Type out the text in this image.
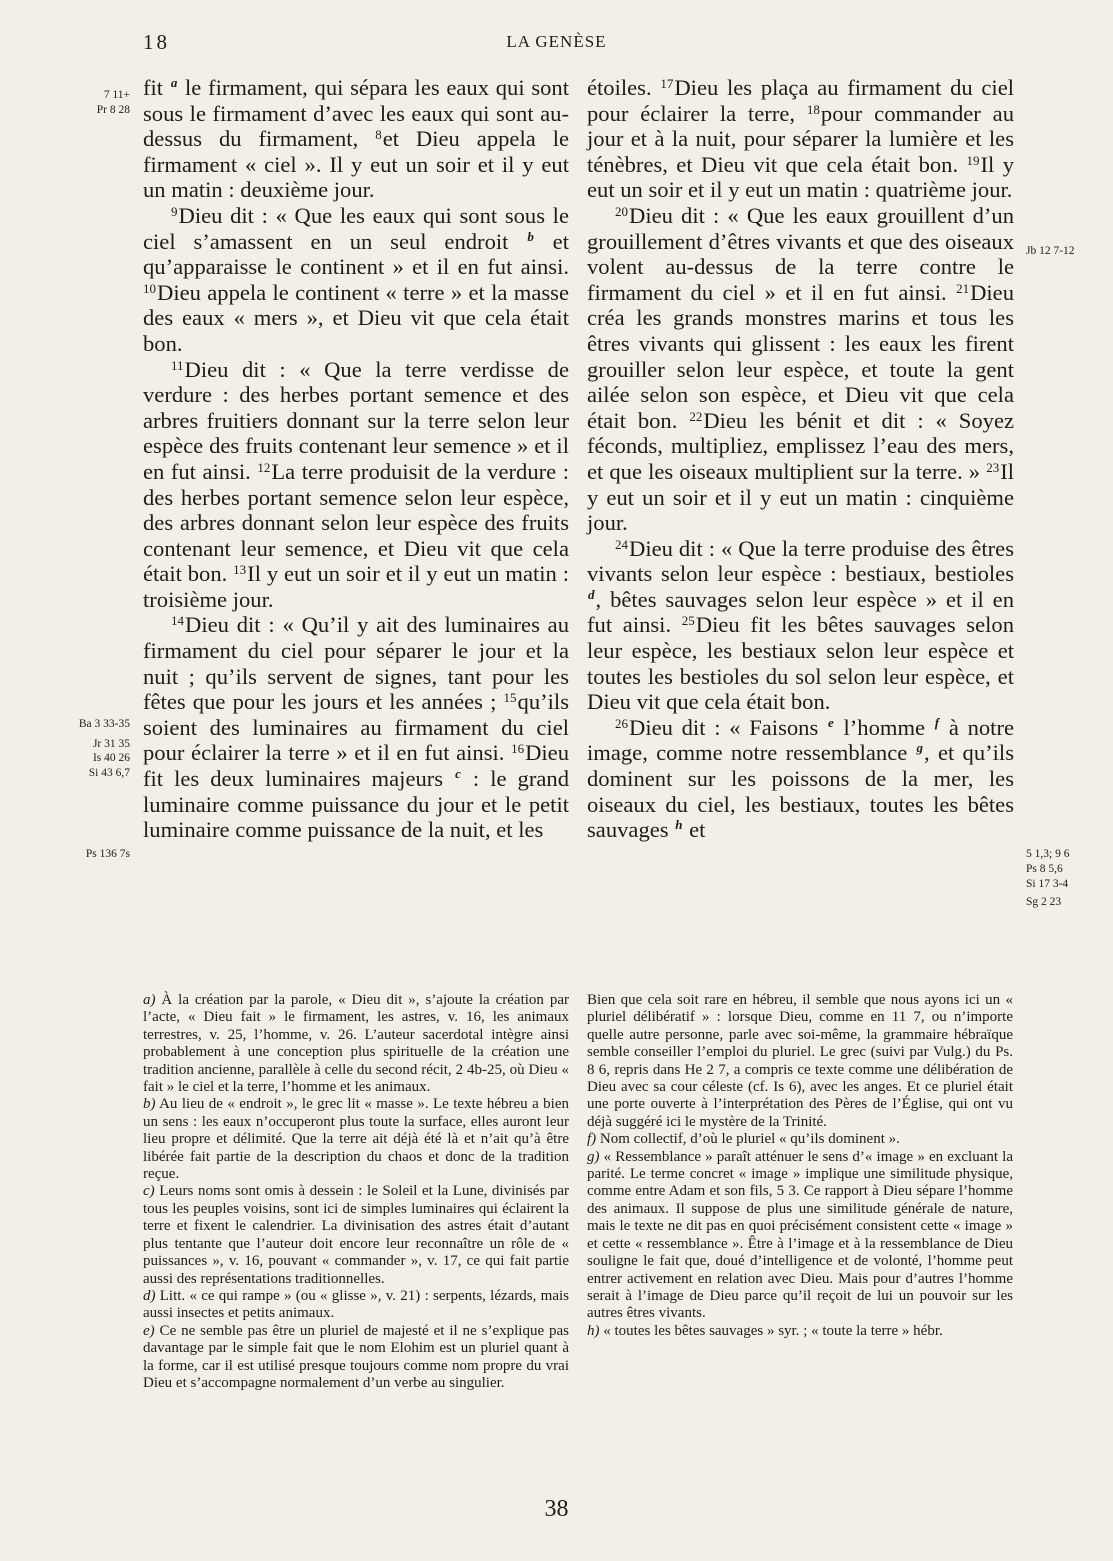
18	LA GENÈSE
7 11+
Pr 8 28
Ba 3 33-35
Jr 31 35
Is 40 26
Si 43 6,7
Ps 136 7s
Jb 12 7-12
5 1,3; 9 6
Ps 8 5,6
Si 17 3-4
Sg 2 23

fit $^a$ le firmament, qui sépara les eaux qui sont sous le firmament d’avec les eaux qui sont au-dessus du firmament, $^8$et Dieu appela le firmament « ciel ». Il y eut un soir et il y eut un matin : deuxième jour.

$^9$Dieu dit : « Que les eaux qui sont sous le ciel s’amassent en un seul endroit $^b$ et qu’apparaisse le continent » et il en fut ainsi. $^{10}$Dieu appela le continent « terre » et la masse des eaux « mers », et Dieu vit que cela était bon.

$^{11}$Dieu dit : « Que la terre verdisse de verdure : des herbes portant semence et des arbres fruitiers donnant sur la terre selon leur espèce des fruits contenant leur semence » et il en fut ainsi. $^{12}$La terre produisit de la verdure : des herbes portant semence selon leur espèce, des arbres donnant selon leur espèce des fruits contenant leur semence, et Dieu vit que cela était bon. $^{13}$Il y eut un soir et il y eut un matin : troisième jour.

$^{14}$Dieu dit : « Qu’il y ait des luminaires au firmament du ciel pour séparer le jour et la nuit ; qu’ils servent de signes, tant pour les fêtes que pour les jours et les années ; $^{15}$qu’ils soient des luminaires au firmament du ciel pour éclairer la terre » et il en fut ainsi. $^{16}$Dieu fit les deux luminaires majeurs $^c$ : le grand luminaire comme puissance du jour et le petit luminaire comme puissance de la nuit, et les

étoiles. $^{17}$Dieu les plaça au firmament du ciel pour éclairer la terre, $^{18}$pour commander au jour et à la nuit, pour séparer la lumière et les ténèbres, et Dieu vit que cela était bon. $^{19}$Il y eut un soir et il y eut un matin : quatrième jour.

$^{20}$Dieu dit : « Que les eaux grouillent d’un grouillement d’êtres vivants et que des oiseaux volent au-dessus de la terre contre le firmament du ciel » et il en fut ainsi. $^{21}$Dieu créa les grands monstres marins et tous les êtres vivants qui glissent : les eaux les firent grouiller selon leur espèce, et toute la gent ailée selon son espèce, et Dieu vit que cela était bon. $^{22}$Dieu les bénit et dit : « Soyez féconds, multipliez, emplissez l’eau des mers, et que les oiseaux multiplient sur la terre. » $^{23}$Il y eut un soir et il y eut un matin : cinquième jour.

$^{24}$Dieu dit : « Que la terre produise des êtres vivants selon leur espèce : bestiaux, bestioles $^d$, bêtes sauvages selon leur espèce » et il en fut ainsi. $^{25}$Dieu fit les bêtes sauvages selon leur espèce, les bestiaux selon leur espèce et toutes les bestioles du sol selon leur espèce, et Dieu vit que cela était bon.

$^{26}$Dieu dit : « Faisons $^e$ l’homme $^f$ à notre image, comme notre ressemblance $^g$, et qu’ils dominent sur les poissons de la mer, les oiseaux du ciel, les bestiaux, toutes les bêtes sauvages $^h$ et

a) À la création par la parole, « Dieu dit », s’ajoute la création par l’acte, « Dieu fait » le firmament, les astres, v. 16, les animaux terrestres, v. 25, l’homme, v. 26. L’auteur sacerdotal intègre ainsi probablement à une conception plus spirituelle de la création une tradition ancienne, parallèle à celle du second récit, 2 4b-25, où Dieu « fait » le ciel et la terre, l’homme et les animaux.

b) Au lieu de « endroit », le grec lit « masse ». Le texte hébreu a bien un sens : les eaux n’occuperont plus toute la surface, elles auront leur lieu propre et délimité. Que la terre ait déjà été là et n’ait qu’à être libérée fait partie de la description du chaos et donc de la tradition reçue.

c) Leurs noms sont omis à dessein : le Soleil et la Lune, divinisés par tous les peuples voisins, sont ici de simples luminaires qui éclairent la terre et fixent le calendrier. La divinisation des astres était d’autant plus tentante que l’auteur doit encore leur reconnaître un rôle de « puissances », v. 16, pouvant « commander », v. 17, ce qui fait partie aussi des représentations traditionnelles.

d) Litt. « ce qui rampe » (ou « glisse », v. 21) : serpents, lézards, mais aussi insectes et petits animaux.

e) Ce ne semble pas être un pluriel de majesté et il ne s’explique pas davantage par le simple fait que le nom Elohim est un pluriel quant à la forme, car il est utilisé presque toujours comme nom propre du vrai Dieu et s’accompagne normalement d’un verbe au singulier.

Bien que cela soit rare en hébreu, il semble que nous ayons ici un « pluriel délibératif » : lorsque Dieu, comme en 11 7, ou n’importe quelle autre personne, parle avec soi-même, la grammaire hébraïque semble conseiller l’emploi du pluriel. Le grec (suivi par Vulg.) du Ps. 8 6, repris dans He 2 7, a compris ce texte comme une délibération de Dieu avec sa cour céleste (cf. Is 6), avec les anges. Et ce pluriel était une porte ouverte à l’interprétation des Pères de l’Église, qui ont vu déjà suggéré ici le mystère de la Trinité.

f) Nom collectif, d’où le pluriel « qu’ils dominent ».

g) « Ressemblance » paraît atténuer le sens d’« image » en excluant la parité. Le terme concret « image » implique une similitude physique, comme entre Adam et son fils, 5 3. Ce rapport à Dieu sépare l’homme des animaux. Il suppose de plus une similitude générale de nature, mais le texte ne dit pas en quoi précisément consistent cette « image » et cette « ressemblance ». Être à l’image et à la ressemblance de Dieu souligne le fait que, doué d’intelligence et de volonté, l’homme peut entrer activement en relation avec Dieu. Mais pour d’autres l’homme serait à l’image de Dieu parce qu’il reçoit de lui un pouvoir sur les autres êtres vivants.

h) « toutes les bêtes sauvages » syr. ; « toute la terre » hébr.

38
